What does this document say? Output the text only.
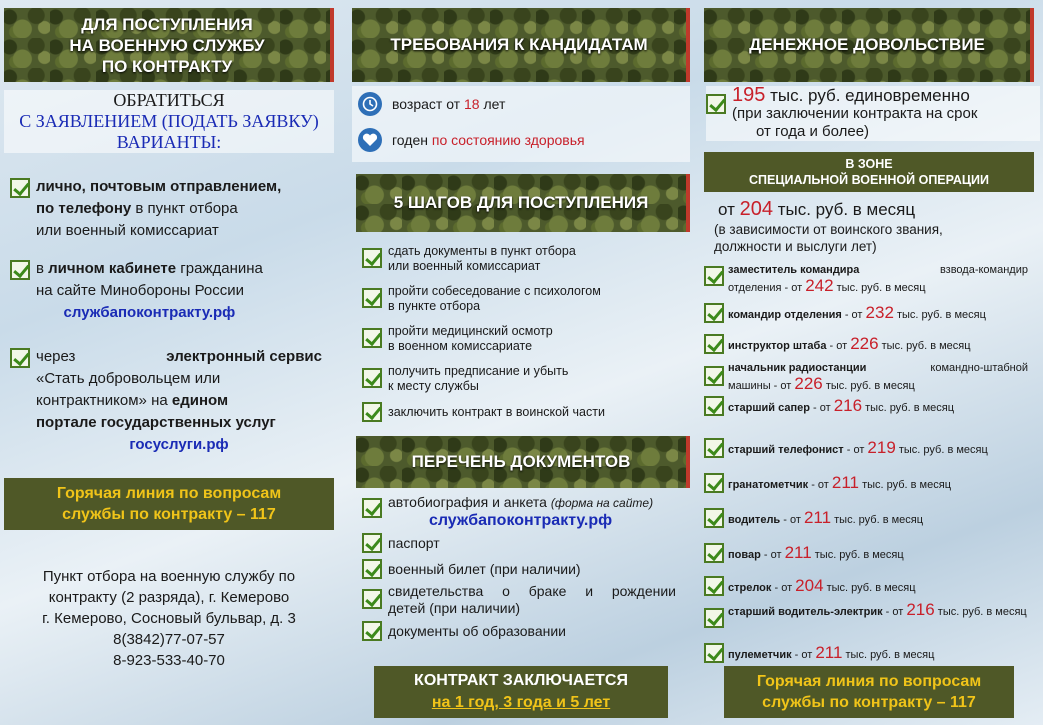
ДЛЯ ПОСТУПЛЕНИЯ
НА ВОЕННУЮ СЛУЖБУ
ПО КОНТРАКТУ
ОБРАТИТЬСЯ
С ЗАЯВЛЕНИЕМ (ПОДАТЬ ЗАЯВКУ)
ВАРИАНТЫ:
лично, почтовым отправлением,
по телефону в пункт отбора
или военный комиссариат
в личном кабинете гражданина
на сайте Минобороны России
службапоконтракту.рф
через	электронный сервис
«Стать добровольцем или
контрактником» на едином
портале государственных услуг
госуслуги.рф
Горячая линия по вопросам
службы по контракту – 117
Пункт отбора на военную службу по
контракту (2 разряда), г. Кемерово
г. Кемерово, Сосновый бульвар, д. 3
8(3842)77-07-57
8-923-533-40-70
ТРЕБОВАНИЯ К КАНДИДАТАМ
возраст от 18 лет
годен по состоянию здоровья
5 ШАГОВ ДЛЯ ПОСТУПЛЕНИЯ
сдать документы в пункт отбора
или военный комиссариат
пройти собеседование с психологом
в пункте отбора
пройти медицинский осмотр
в военном комиссариате
получить предписание и убыть
к месту службы
заключить контракт в воинской части
ПЕРЕЧЕНЬ ДОКУМЕНТОВ
автобиография и анкета (форма на сайте)
службапоконтракту.рф
паспорт
военный билет (при наличии)
свидетельства о браке и рождении
детей (при наличии)
документы об образовании
КОНТРАКТ ЗАКЛЮЧАЕТСЯ
на 1 год, 3 года и 5 лет
ДЕНЕЖНОЕ ДОВОЛЬСТВИЕ
195 тыс. руб. единовременно
(при заключении контракта на срок
от года и более)
В ЗОНЕ
СПЕЦИАЛЬНОЙ ВОЕННОЙ ОПЕРАЦИИ
от 204 тыс. руб. в месяц
(в зависимости от воинского звания,
должности и выслуги лет)
заместитель командира	взвода-командир
отделения - от 242 тыс. руб. в месяц
командир отделения - от 232 тыс. руб. в месяц
инструктор штаба - от 226 тыс. руб. в месяц
начальник радиостанции	командно-штабной
машины - от 226 тыс. руб. в месяц
старший сапер - от 216 тыс. руб. в месяц
старший телефонист - от 219 тыс. руб. в месяц
гранатометчик - от 211 тыс. руб. в месяц
водитель - от 211 тыс. руб. в месяц
повар - от 211 тыс. руб. в месяц
стрелок - от 204 тыс. руб. в месяц
старший водитель-электрик - от 216 тыс. руб. в месяц
пулеметчик - от 211 тыс. руб. в месяц
Горячая линия по вопросам
службы по контракту – 117
